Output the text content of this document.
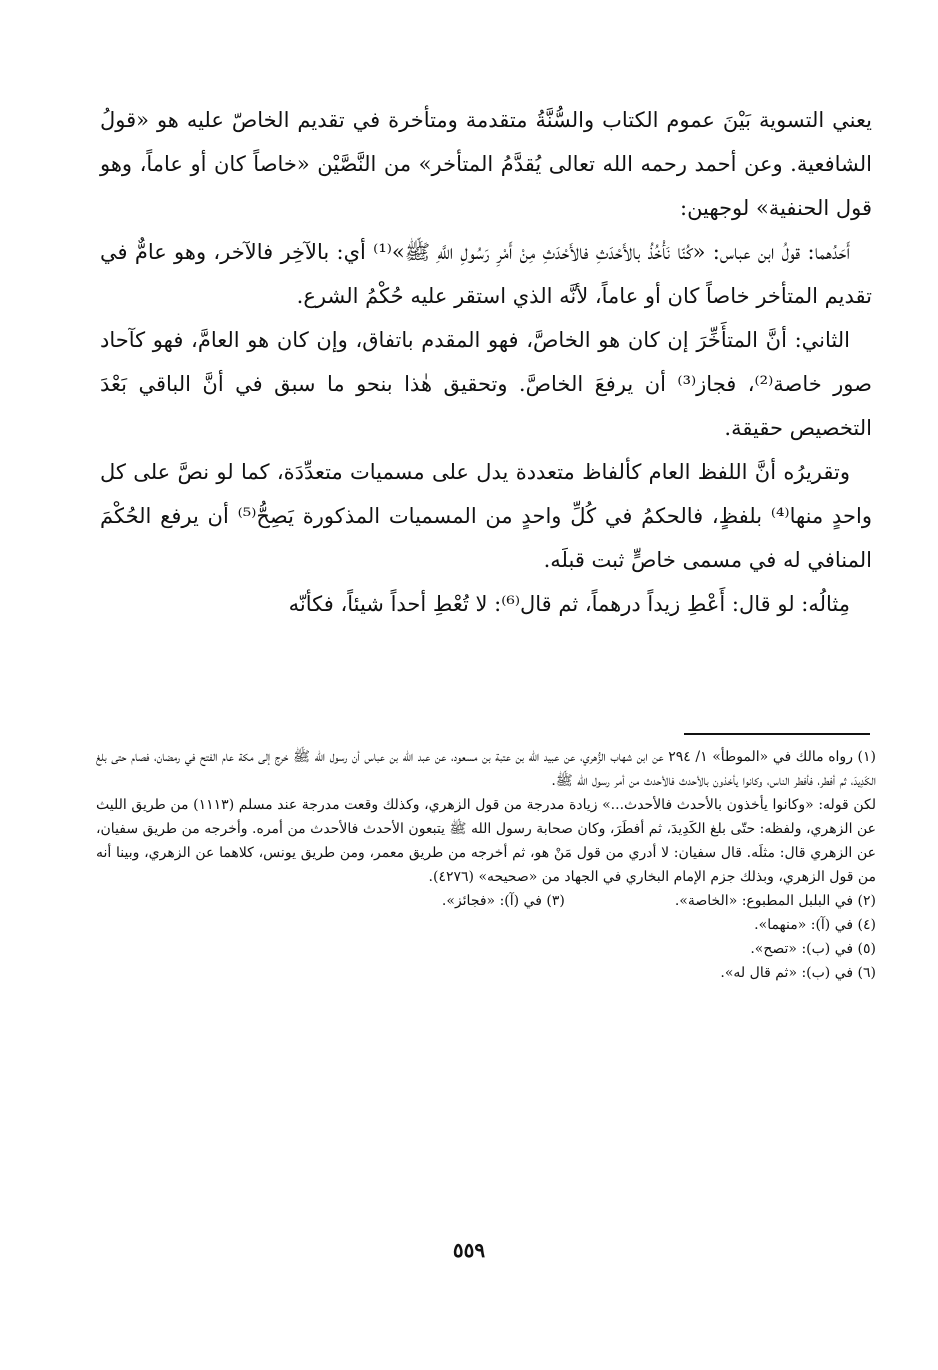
يعني التسوية بَيْنَ عموم الكتاب والسُّنَّةُ متقدمة ومتأخرة في تقديم الخاصّ عليه هو «قولُ الشافعية. وعن أحمد رحمه الله تعالى يُقدَّمُ المتأخر» من النَّصَّيْن «خاصاً كان أو عاماً، وهو قول الحنفية» لوجهين:

أَحَدُهما: قولُ ابن عباس: «كُنّا نَأْخُذُ بالأَحْدَثِ فالأَحْدَثِ مِنْ أَمْرِ رَسُولِ اللَّهِ ﷺ»⁽¹⁾ أي: بالآخِر فالآخر، وهو عامٌّ في تقديم المتأخر خاصاً كان أو عاماً، لأنَّه الذي استقر عليه حُكْمُ الشرع.

الثاني: أنَّ المتأَخِّرَ إن كان هو الخاصَّ، فهو المقدم باتفاق، وإن كان هو العامَّ، فهو كآحاد صور خاصة⁽²⁾، فجاز⁽³⁾ أن يرفعَ الخاصَّ. وتحقيق هٰذا بنحو ما سبق في أنَّ الباقي بَعْدَ التخصيص حقيقة.

وتقريرُه أنَّ اللفظ العام كألفاظ متعددة يدل على مسميات متعدِّدَة، كما لو نصَّ على كل واحدٍ منها⁽⁴⁾ بلفظٍ، فالحكمُ في كُلِّ واحدٍ من المسميات المذكورة يَصِحُّ⁽⁵⁾ أن يرفع الحُكْمَ المنافي له في مسمى خاصٍّ ثبت قبلَه.

مِثالُه: لو قال: أَعْطِ زيداً درهماً، ثم قال⁽⁶⁾: لا تُعْطِ أحداً شيئاً، فكأنّه

(١) رواه مالك في «الموطأ» ١/ ٢٩٤ عن ابن شهاب الزُّهري، عن عبيد الله بن عتبة بن مسعود، عن عبد الله بن عباس أن رسول الله ﷺ خرج إلى مكة عام الفتح في رمضان، فصام حتى بلغ الكَدِيدَ، ثم أفطر، فأفطر الناس، وكانوا يأخذون بالأحدث فالأحدث من أمر رسول الله ﷺ.

لكن قوله: «وكانوا يأخذون بالأحدث فالأحدث...» زيادة مدرجة من قول الزهري، وكذلك وقعت مدرجة عند مسلم (١١١٣) من طريق الليث عن الزهري، ولفظه: حتّى بلغ الكَدِيدَ، ثم أفطَرَ، وكان صحابة رسول الله ﷺ يتبعون الأحدث فالأحدث من أمره. وأخرجه من طريق سفيان، عن الزهري قال: مثلَه. قال سفيان: لا أدري من قول مَنْ هو، ثم أخرجه من طريق معمر، ومن طريق يونس، كلاهما عن الزهري، وبينا أنه من قول الزهري، وبذلك جزم الإمام البخاري في الجهاد من «صحيحه» (٤٢٧٦).

(٢) في البلبل المطبوع: «الخاصة».
(٣) في (آ): «فجائز».

(٤) في (آ): «منهما».

(٥) في (ب): «تصح».

(٦) في (ب): «ثم قال له».

٥٥٩
